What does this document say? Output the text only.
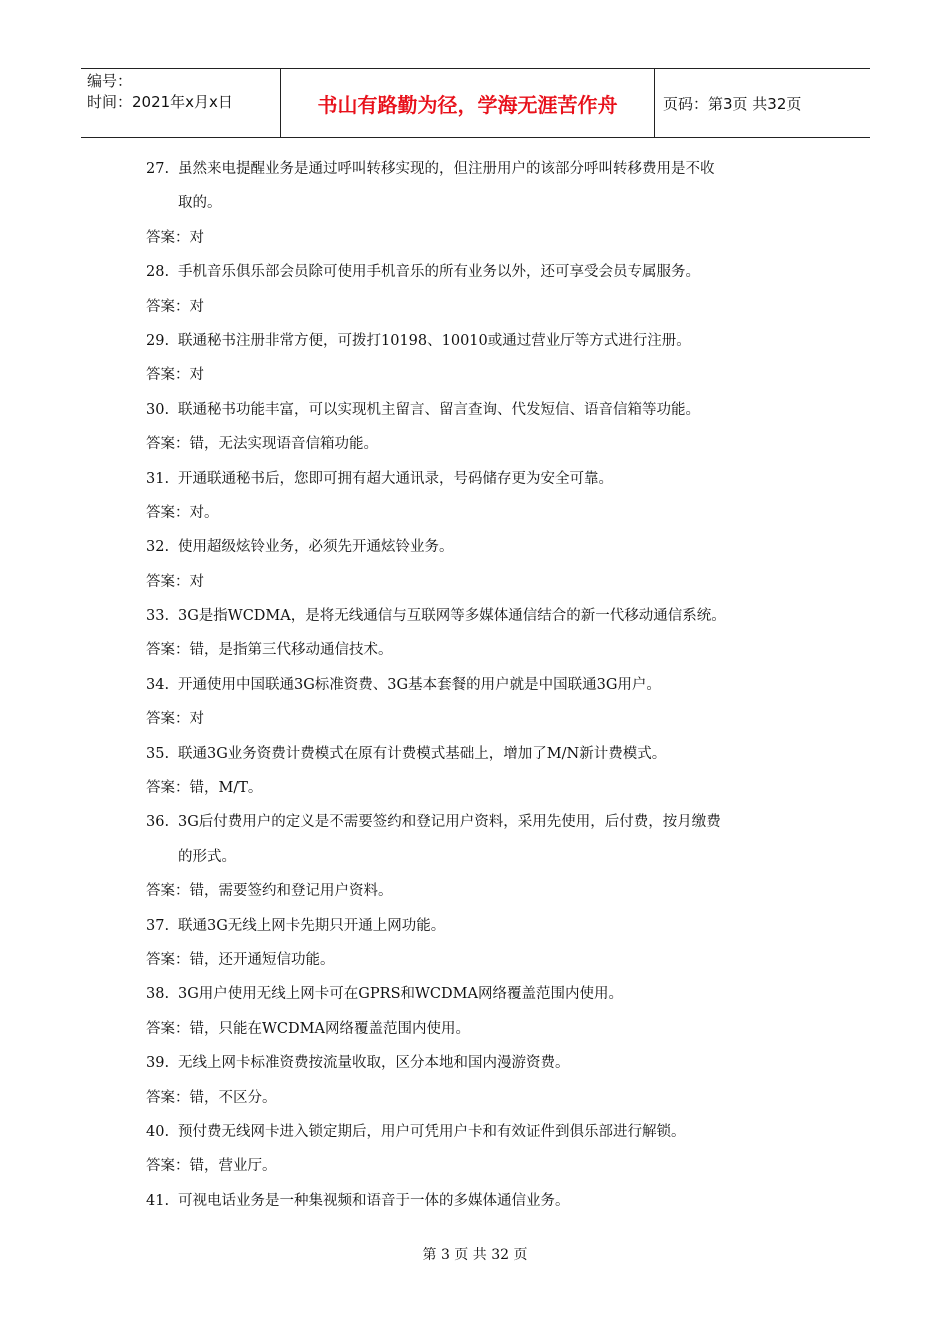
编号：
时间：2021年x月x日	书山有路勤为径，学海无涯苦作舟	页码：第3页 共32页
27. 虽然来电提醒业务是通过呼叫转移实现的，但注册用户的该部分呼叫转移费用是不收
取的。
答案：对
28. 手机音乐俱乐部会员除可使用手机音乐的所有业务以外，还可享受会员专属服务。
答案：对
29. 联通秘书注册非常方便，可拨打10198、10010或通过营业厅等方式进行注册。
答案：对
30. 联通秘书功能丰富，可以实现机主留言、留言查询、代发短信、语音信箱等功能。
答案：错，无法实现语音信箱功能。
31. 开通联通秘书后，您即可拥有超大通讯录，号码储存更为安全可靠。
答案：对。
32. 使用超级炫铃业务，必须先开通炫铃业务。
答案：对
33. 3G是指WCDMA，是将无线通信与互联网等多媒体通信结合的新一代移动通信系统。
答案：错，是指第三代移动通信技术。
34. 开通使用中国联通3G标准资费、3G基本套餐的用户就是中国联通3G用户。
答案：对
35. 联通3G业务资费计费模式在原有计费模式基础上，增加了M/N新计费模式。
答案：错，M/T。
36. 3G后付费用户的定义是不需要签约和登记用户资料，采用先使用，后付费，按月缴费
的形式。
答案：错，需要签约和登记用户资料。
37. 联通3G无线上网卡先期只开通上网功能。
答案：错，还开通短信功能。
38. 3G用户使用无线上网卡可在GPRS和WCDMA网络覆盖范围内使用。
答案：错，只能在WCDMA网络覆盖范围内使用。
39. 无线上网卡标准资费按流量收取，区分本地和国内漫游资费。
答案：错，不区分。
40. 预付费无线网卡进入锁定期后，用户可凭用户卡和有效证件到俱乐部进行解锁。
答案：错，营业厅。
41. 可视电话业务是一种集视频和语音于一体的多媒体通信业务。
第 3 页 共 32 页
